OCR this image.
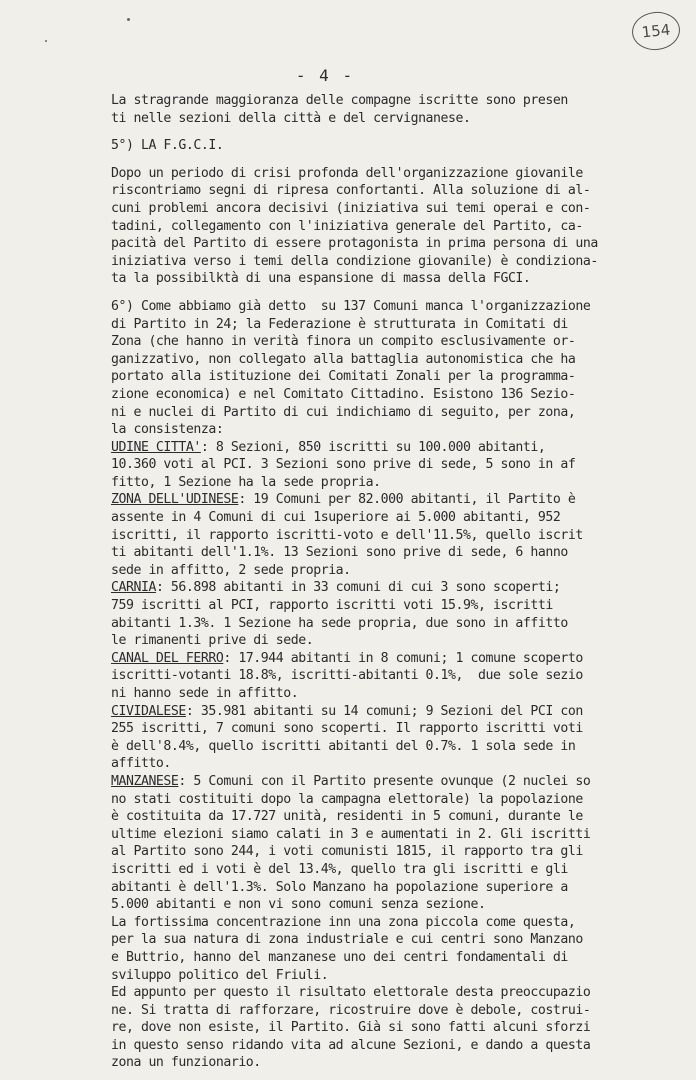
154
- 4 -
La stragrande maggioranza delle compagne iscritte sono presen
ti nelle sezioni della città e del cervignanese.
5°) LA F.G.C.I.
Dopo un periodo di crisi profonda dell'organizzazione giovanile
riscontriamo segni di ripresa confortanti. Alla soluzione di al-
cuni problemi ancora decisivi (iniziativa sui temi operai e con-
tadini, collegamento con l'iniziativa generale del Partito, ca-
pacità del Partito di essere protagonista in prima persona di una
iniziativa verso i temi della condizione giovanile) è condiziona-
ta la possibilktà di una espansione di massa della FGCI.
6°) Come abbiamo già detto  su 137 Comuni manca l'organizzazione
di Partito in 24; la Federazione è strutturata in Comitati di
Zona (che hanno in verità finora un compito esclusivamente or-
ganizzativo, non collegato alla battaglia autonomistica che ha
portato alla istituzione dei Comitati Zonali per la programma-
zione economica) e nel Comitato Cittadino. Esistono 136 Sezio-
ni e nuclei di Partito di cui indichiamo di seguito, per zona,
la consistenza:
UDINE CITTA': 8 Sezioni, 850 iscritti su 100.000 abitanti,
10.360 voti al PCI. 3 Sezioni sono prive di sede, 5 sono in af
fitto, 1 Sezione ha la sede propria.
ZONA DELL'UDINESE: 19 Comuni per 82.000 abitanti, il Partito è
assente in 4 Comuni di cui 1superiore ai 5.000 abitanti, 952
iscritti, il rapporto iscritti-voto e dell'11.5%, quello iscrit
ti abitanti dell'1.1%. 13 Sezioni sono prive di sede, 6 hanno
sede in affitto, 2 sede propria.
CARNIA: 56.898 abitanti in 33 comuni di cui 3 sono scoperti;
759 iscritti al PCI, rapporto iscritti voti 15.9%, iscritti
abitanti 1.3%. 1 Sezione ha sede propria, due sono in affitto
le rimanenti prive di sede.
CANAL DEL FERRO: 17.944 abitanti in 8 comuni; 1 comune scoperto
iscritti-votanti 18.8%, iscritti-abitanti 0.1%,  due sole sezio
ni hanno sede in affitto.
CIVIDALESE: 35.981 abitanti su 14 comuni; 9 Sezioni del PCI con
255 iscritti, 7 comuni sono scoperti. Il rapporto iscritti voti
è dell'8.4%, quello iscritti abitanti del 0.7%. 1 sola sede in
affitto.
MANZANESE: 5 Comuni con il Partito presente ovunque (2 nuclei so
no stati costituiti dopo la campagna elettorale) la popolazione
è costituita da 17.727 unità, residenti in 5 comuni, durante le
ultime elezioni siamo calati in 3 e aumentati in 2. Gli iscritti
al Partito sono 244, i voti comunisti 1815, il rapporto tra gli
iscritti ed i voti è del 13.4%, quello tra gli iscritti e gli
abitanti è dell'1.3%. Solo Manzano ha popolazione superiore a
5.000 abitanti e non vi sono comuni senza sezione.
La fortissima concentrazione inn una zona piccola come questa,
per la sua natura di zona industriale e cui centri sono Manzano
e Buttrio, hanno del manzanese uno dei centri fondamentali di
sviluppo politico del Friuli.
Ed appunto per questo il risultato elettorale desta preoccupazio
ne. Si tratta di rafforzare, ricostruire dove è debole, costrui-
re, dove non esiste, il Partito. Già si sono fatti alcuni sforzi
in questo senso ridando vita ad alcune Sezioni, e dando a questa
zona un funzionario.
